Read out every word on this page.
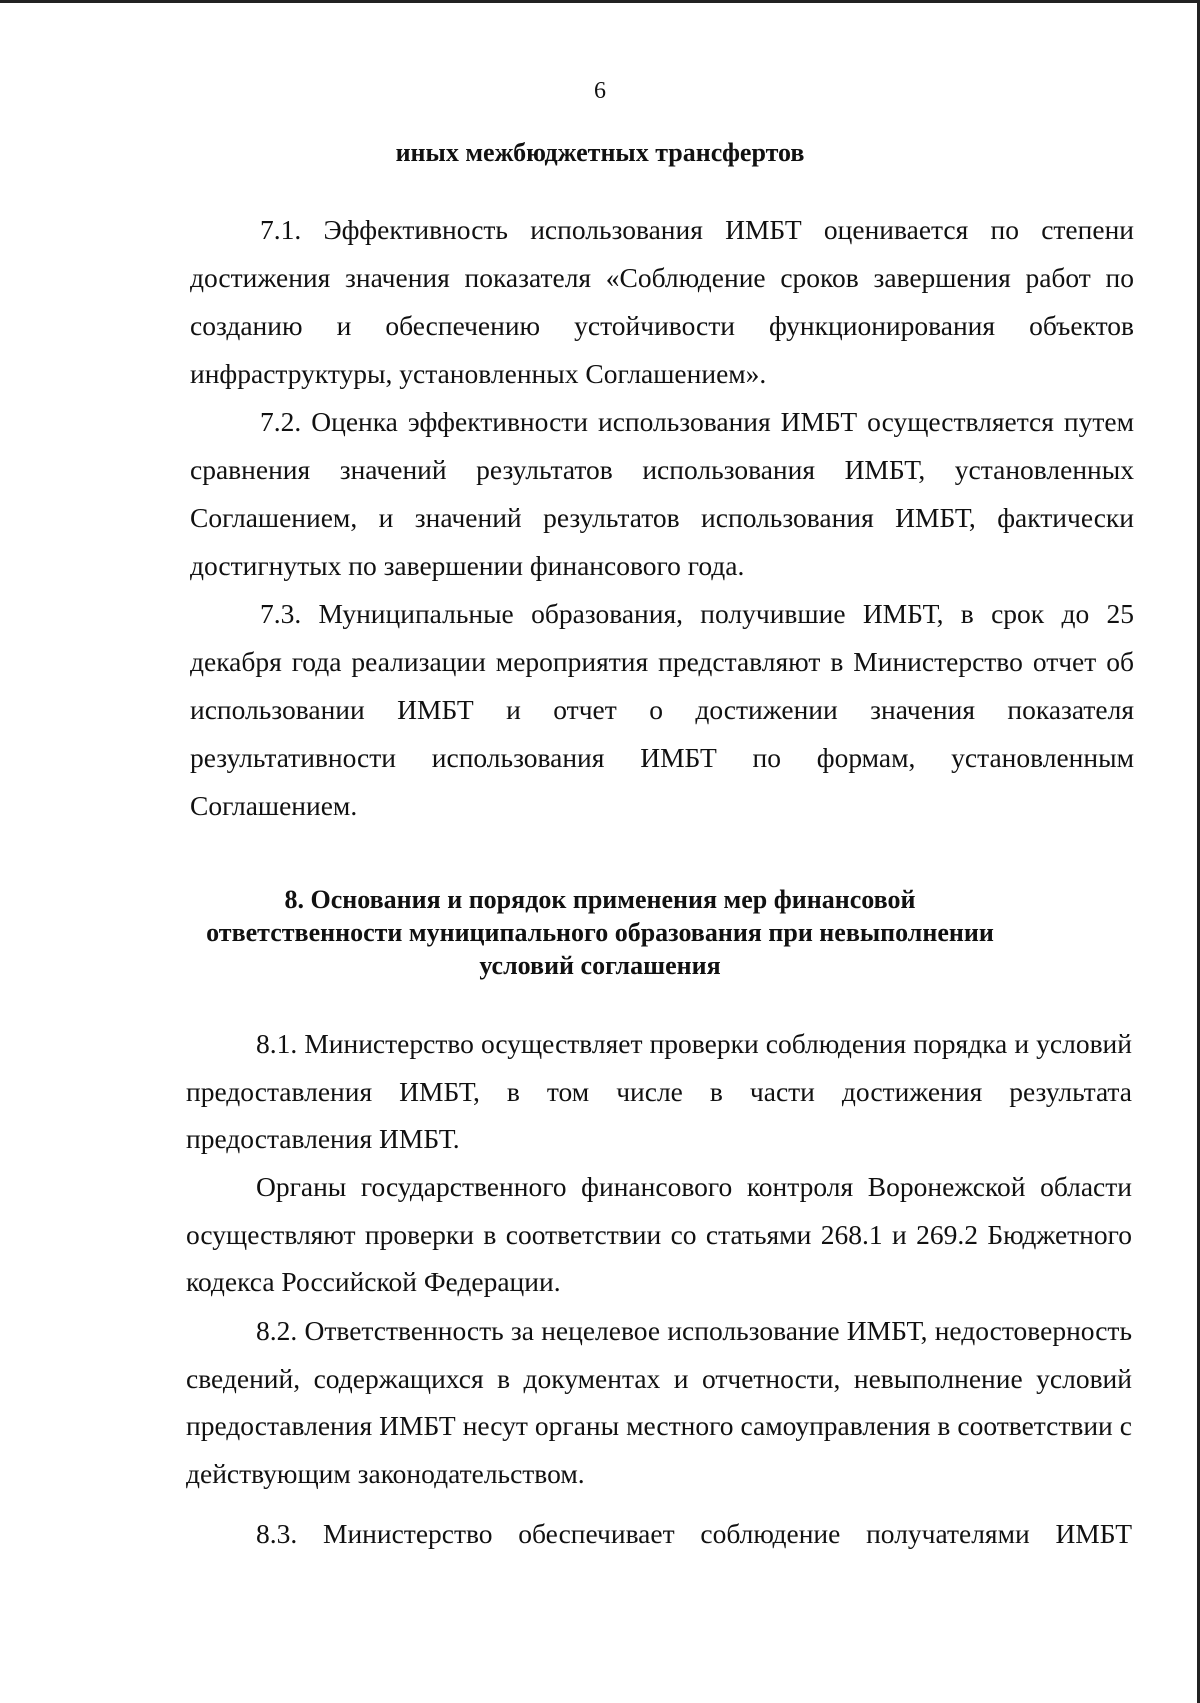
6
иных межбюджетных трансфертов

7.1. Эффективность использования ИМБТ оценивается по степени достижения значения показателя «Соблюдение сроков завершения работ по созданию и обеспечению устойчивости функционирования объектов инфраструктуры, установленных Соглашением».

7.2. Оценка эффективности использования ИМБТ осуществляется путем сравнения значений результатов использования ИМБТ, установленных Соглашением, и значений результатов использования ИМБТ, фактически достигнутых по завершении финансового года.

7.3. Муниципальные образования, получившие ИМБТ, в срок до 25 декабря года реализации мероприятия представляют в Министерство отчет об использовании ИМБТ и отчет о достижении значения показателя результативности использования ИМБТ по формам, установленным Соглашением.

8. Основания и порядок применения мер финансовой
ответственности муниципального образования при невыполнении
условий соглашения

8.1. Министерство осуществляет проверки соблюдения порядка и условий предоставления ИМБТ, в том числе в части достижения результата предоставления ИМБТ.

Органы государственного финансового контроля Воронежской области осуществляют проверки в соответствии со статьями 268.1 и 269.2 Бюджетного кодекса Российской Федерации.

8.2. Ответственность за нецелевое использование ИМБТ, недостоверность сведений, содержащихся в документах и отчетности, невыполнение условий предоставления ИМБТ несут органы местного самоуправления в соответствии с действующим законодательством.

8.3. Министерство обеспечивает соблюдение получателями ИМБТ
